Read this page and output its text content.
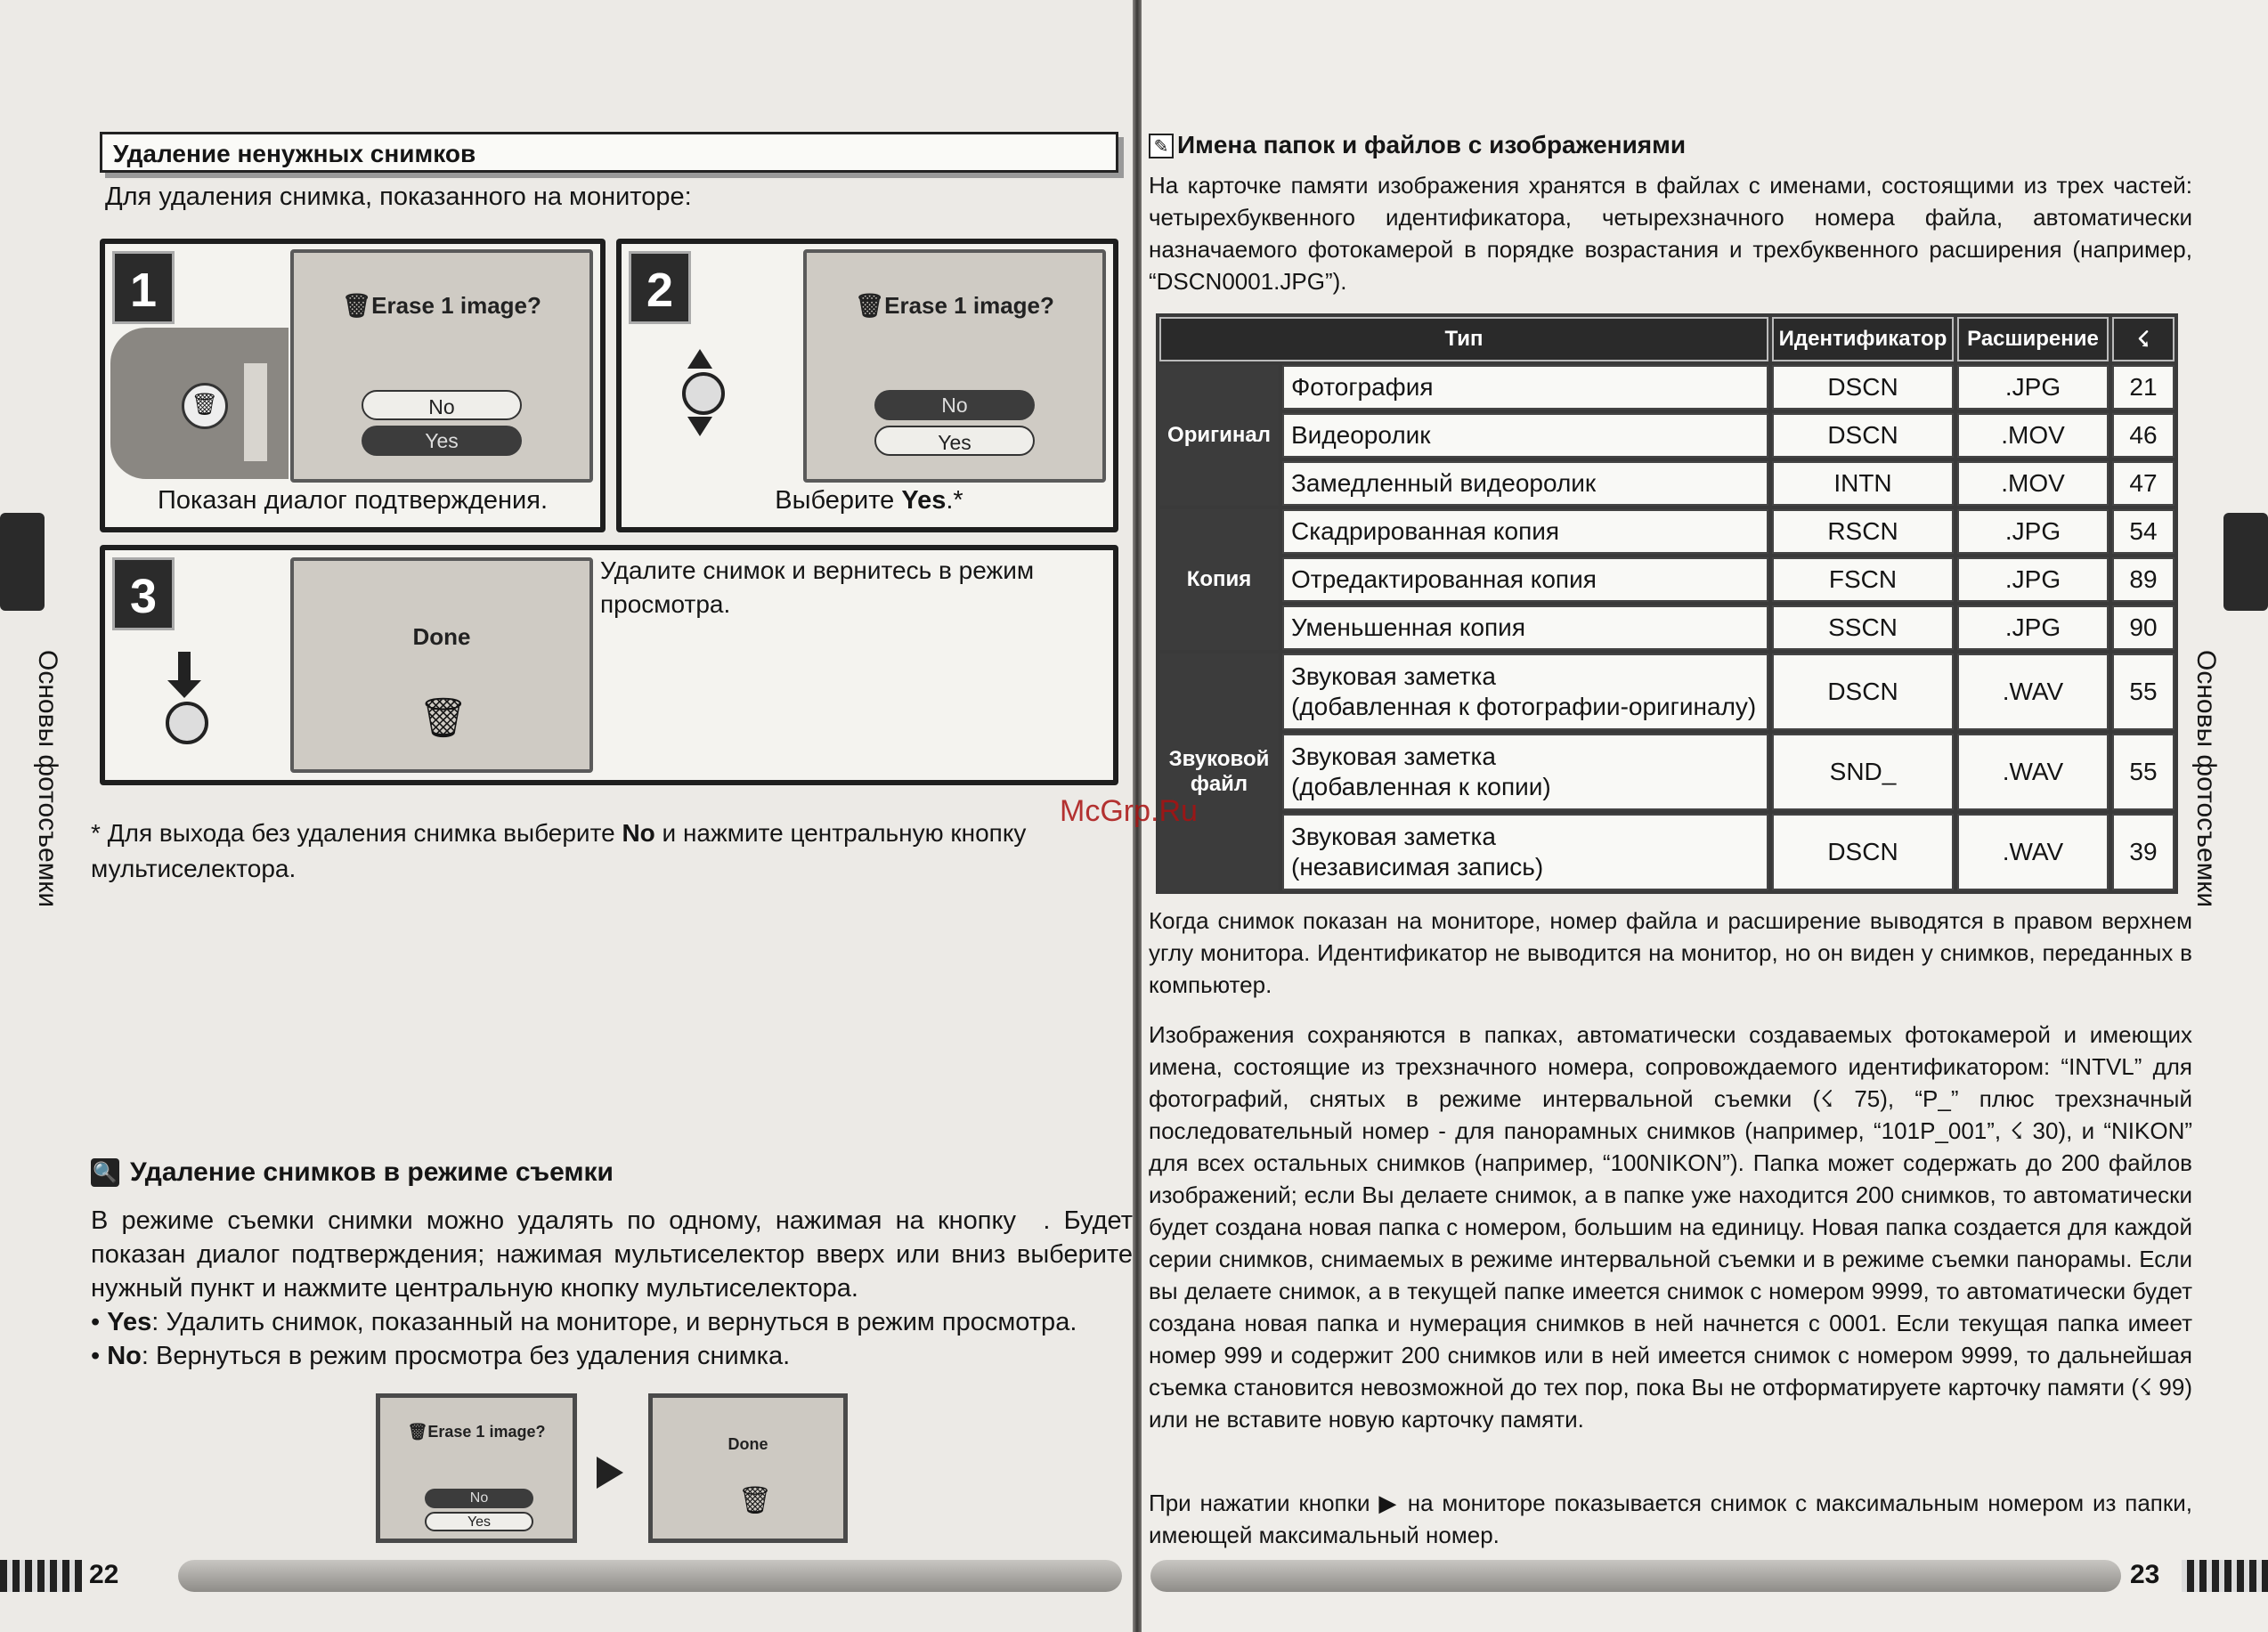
Удаление ненужных снимков
Для удаления снимка, показанного на мониторе:
1
🗑
🗑Erase 1 image?
No
Yes
Показан диалог подтверждения.
2	🗑Erase 1 image?
No
Yes
Выберите Yes.*
3
Done
🗑
Удалите снимок и вернитесь в режим просмотра.
* Для выхода без удаления снимка выберите No и нажмите центральную кнопку мультиселектора.
🔍 Удаление снимков в режиме съемки

В режиме съемки снимки можно удалять по одному, нажимая на кнопку  . Будет показан диалог подтверждения; нажимая мультиселектор вверх или вниз выберите нужный пункт и нажмите центральную кнопку мультиселектора.

• Yes: Удалить снимок, показанный на мониторе, и вернуться в режим просмотра.

• No: Вернуться в режим просмотра без удаления снимка.

🗑Erase 1 image?
No
Yes
Done
🗑
22
Основы фотосъемки
✎ Имена папок и файлов с изображениями

На карточке памяти изображения хранятся в файлах с именами, состоящими из трех частей: четырехбуквенного идентификатора, четырехзначного номера файла, автоматически назначаемого фотокамерой в порядке возрастания и трехбуквенного расширения (например, “DSCN0001.JPG”).

Тип		Идентификатор	Расширение	☇
Оригинал	Фотография	DSCN	.JPG	21
	Видеоролик	DSCN	.MOV	46
	Замедленный видеоролик	INTN	.MOV	47
Копия	Скадрированная копия	RSCN	.JPG	54
	Отредактированная копия	FSCN	.JPG	89
	Уменьшенная копия	SSCN	.JPG	90
Звуковой файл	Звуковая заметка
(добавленная к фотографии-оригиналу)	DSCN	.WAV	55

	Звуковая заметка
(добавленная к копии)	SND_	.WAV	55

	Звуковая заметка
(независимая запись)	DSCN	.WAV	39

Когда снимок показан на мониторе, номер файла и расширение выводятся в правом верхнем углу монитора. Идентификатор не выводится на монитор, но он виден у снимков, переданных в компьютер.

Изображения сохраняются в папках, автоматически создаваемых фотокамерой и имеющих имена, состоящие из трехзначного номера, сопровождаемого идентификатором: “INTVL” для фотографий, снятых в режиме интервальной съемки (☇ 75), “P_” плюс трехзначный последовательный номер - для панорамных снимков (например, “101P_001”, ☇ 30), и “NIKON” для всех остальных снимков (например, “100NIKON”). Папка может содержать до 200 файлов изображений; если Вы делаете снимок, а в папке уже находится 200 снимков, то автоматически будет создана новая папка с номером, большим на единицу. Новая папка создается для каждой серии снимков, снимаемых в режиме интервальной съемки и в режиме съемки панорамы. Если вы делаете снимок, а в текущей папке имеется снимок с номером 9999, то автоматически будет создана новая папка и нумерация снимков в ней начнется с 0001. Если текущая папка имеет номер 999 и содержит 200 снимков или в ней имеется снимок с номером 9999, то дальнейшая съемка становится невозможной до тех пор, пока Вы не отформатируете карточку памяти (☇ 99) или не вставите новую карточку памяти.

При нажатии кнопки ▶ на мониторе показывается снимок с максимальным номером из папки, имеющей максимальный номер.

23
Основы фотосъемки
McGrp.Ru
